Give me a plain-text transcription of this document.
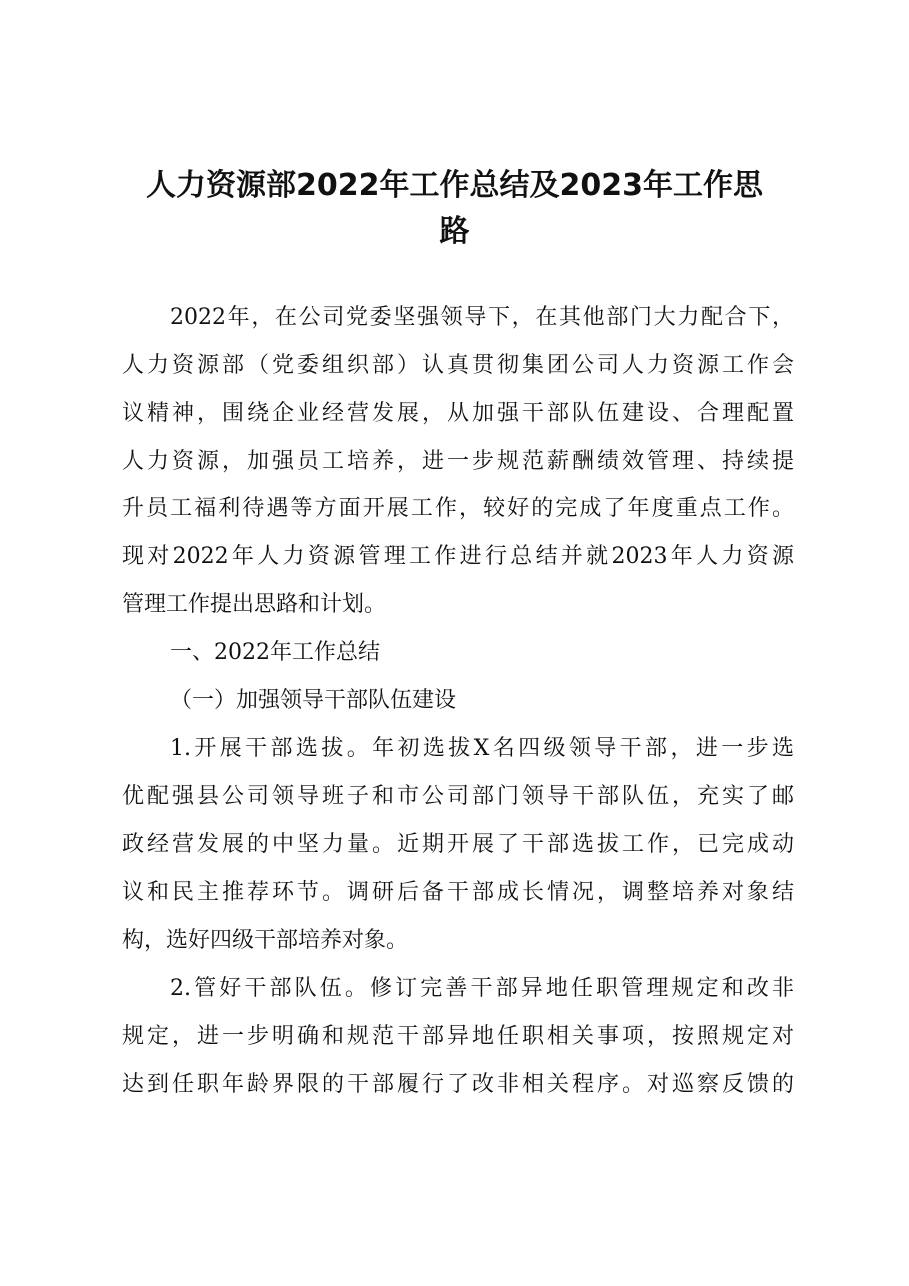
人力资源部2022年工作总结及2023年工作思
路

2022年，在公司党委坚强领导下，在其他部门大力配合下，

人力资源部（党委组织部）认真贯彻集团公司人力资源工作会

议精神，围绕企业经营发展，从加强干部队伍建设、合理配置

人力资源，加强员工培养，进一步规范薪酬绩效管理、持续提

升员工福利待遇等方面开展工作，较好的完成了年度重点工作。

现对2022年人力资源管理工作进行总结并就2023年人力资源

管理工作提出思路和计划。

一、2022年工作总结

（一）加强领导干部队伍建设

1.开展干部选拔。年初选拔X名四级领导干部，进一步选

优配强县公司领导班子和市公司部门领导干部队伍，充实了邮

政经营发展的中坚力量。近期开展了干部选拔工作，已完成动

议和民主推荐环节。调研后备干部成长情况，调整培养对象结

构，选好四级干部培养对象。

2.管好干部队伍。修订完善干部异地任职管理规定和改非

规定，进一步明确和规范干部异地任职相关事项，按照规定对

达到任职年龄界限的干部履行了改非相关程序。对巡察反馈的
